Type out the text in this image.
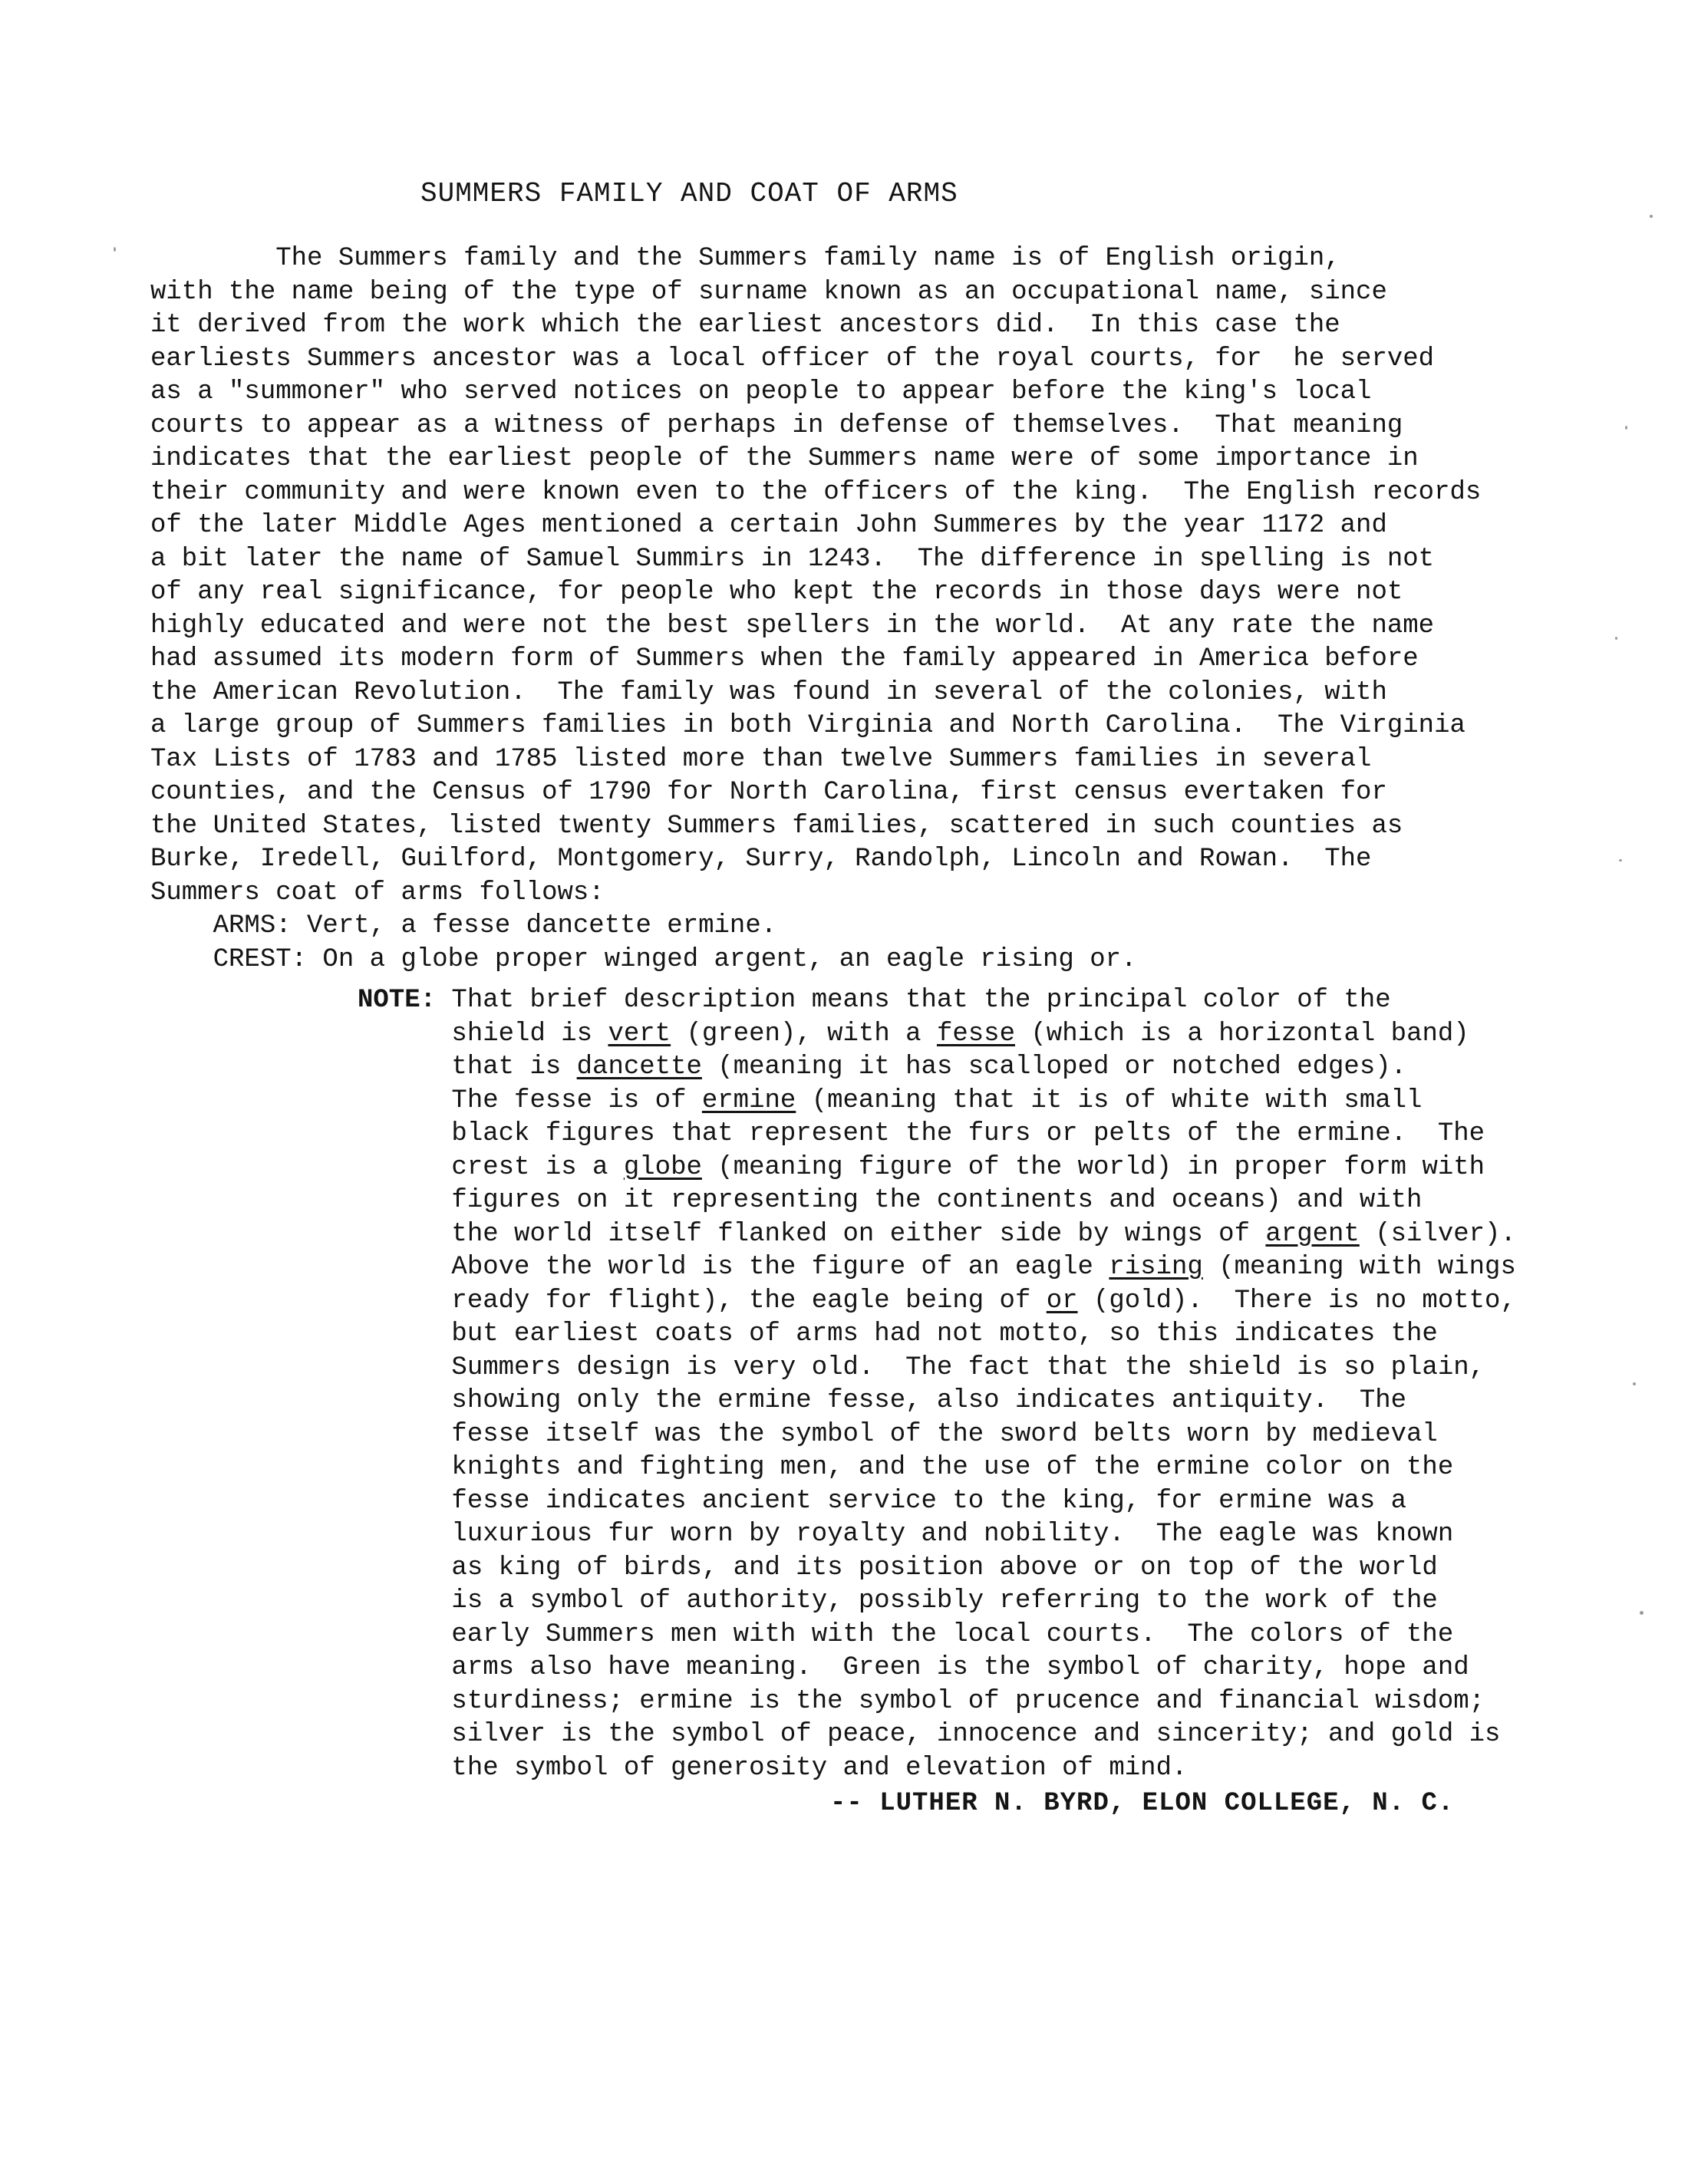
SUMMERS FAMILY AND COAT OF ARMS
The Summers family and the Summers family name is of English origin,
with the name being of the type of surname known as an occupational name, since
it derived from the work which the earliest ancestors did.  In this case the
earliests Summers ancestor was a local officer of the royal courts, for  he served
as a "summoner" who served notices on people to appear before the king's local
courts to appear as a witness of perhaps in defense of themselves.  That meaning
indicates that the earliest people of the Summers name were of some importance in
their community and were known even to the officers of the king.  The English records
of the later Middle Ages mentioned a certain John Summeres by the year 1172 and
a bit later the name of Samuel Summirs in 1243.  The difference in spelling is not
of any real significance, for people who kept the records in those days were not
highly educated and were not the best spellers in the world.  At any rate the name
had assumed its modern form of Summers when the family appeared in America before
the American Revolution.  The family was found in several of the colonies, with
a large group of Summers families in both Virginia and North Carolina.  The Virginia
Tax Lists of 1783 and 1785 listed more than twelve Summers families in several
counties, and the Census of 1790 for North Carolina, first census evertaken for
the United States, listed twenty Summers families, scattered in such counties as
Burke, Iredell, Guilford, Montgomery, Surry, Randolph, Lincoln and Rowan.  The
Summers coat of arms follows:
ARMS: Vert, a fesse dancette ermine.
CREST: On a globe proper winged argent, an eagle rising or.
NOTE: That brief description means that the principal color of the
shield is vert (green), with a fesse (which is a horizontal band)
that is dancette (meaning it has scalloped or notched edges).
The fesse is of ermine (meaning that it is of white with small
black figures that represent the furs or pelts of the ermine.  The
crest is a globe (meaning figure of the world) in proper form with
figures on it representing the continents and oceans) and with
the world itself flanked on either side by wings of argent (silver).
Above the world is the figure of an eagle rising (meaning with wings
ready for flight), the eagle being of or (gold).  There is no motto,
but earliest coats of arms had not motto, so this indicates the
Summers design is very old.  The fact that the shield is so plain,
showing only the ermine fesse, also indicates antiquity.  The
fesse itself was the symbol of the sword belts worn by medieval
knights and fighting men, and the use of the ermine color on the
fesse indicates ancient service to the king, for ermine was a
luxurious fur worn by royalty and nobility.  The eagle was known
as king of birds, and its position above or on top of the world
is a symbol of authority, possibly referring to the work of the
early Summers men with with the local courts.  The colors of the
arms also have meaning.  Green is the symbol of charity, hope and
sturdiness; ermine is the symbol of prucence and financial wisdom;
silver is the symbol of peace, innocence and sincerity; and gold is
the symbol of generosity and elevation of mind.
-- LUTHER N. BYRD, ELON COLLEGE, N. C.
